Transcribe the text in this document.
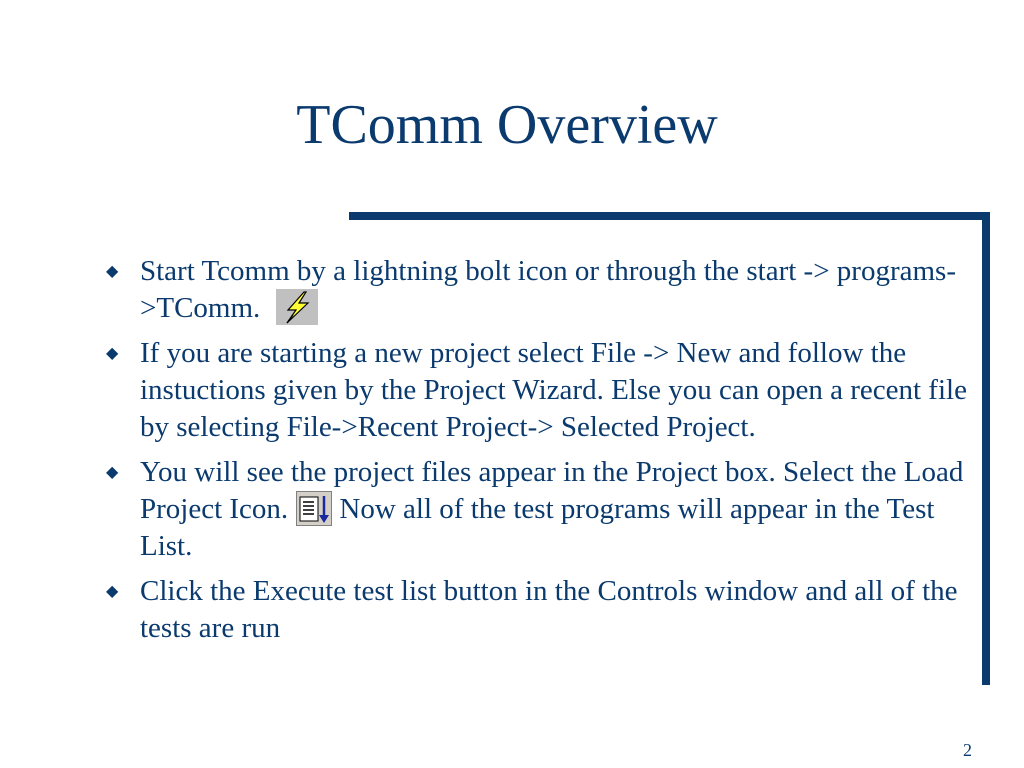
TComm Overview
◆ Start Tcomm by a lightning bolt icon or through the start -> programs->TComm.
◆ If you are starting a new project select File -> New and follow the instuctions given by the Project Wizard. Else you can open a recent file by selecting File->Recent Project-> Selected Project.
◆ You will see the project files appear in the Project box. Select the Load Project Icon. Now all of the test programs will appear in the Test List.
◆ Click the Execute test list button in the Controls window and all of the tests are run
2
